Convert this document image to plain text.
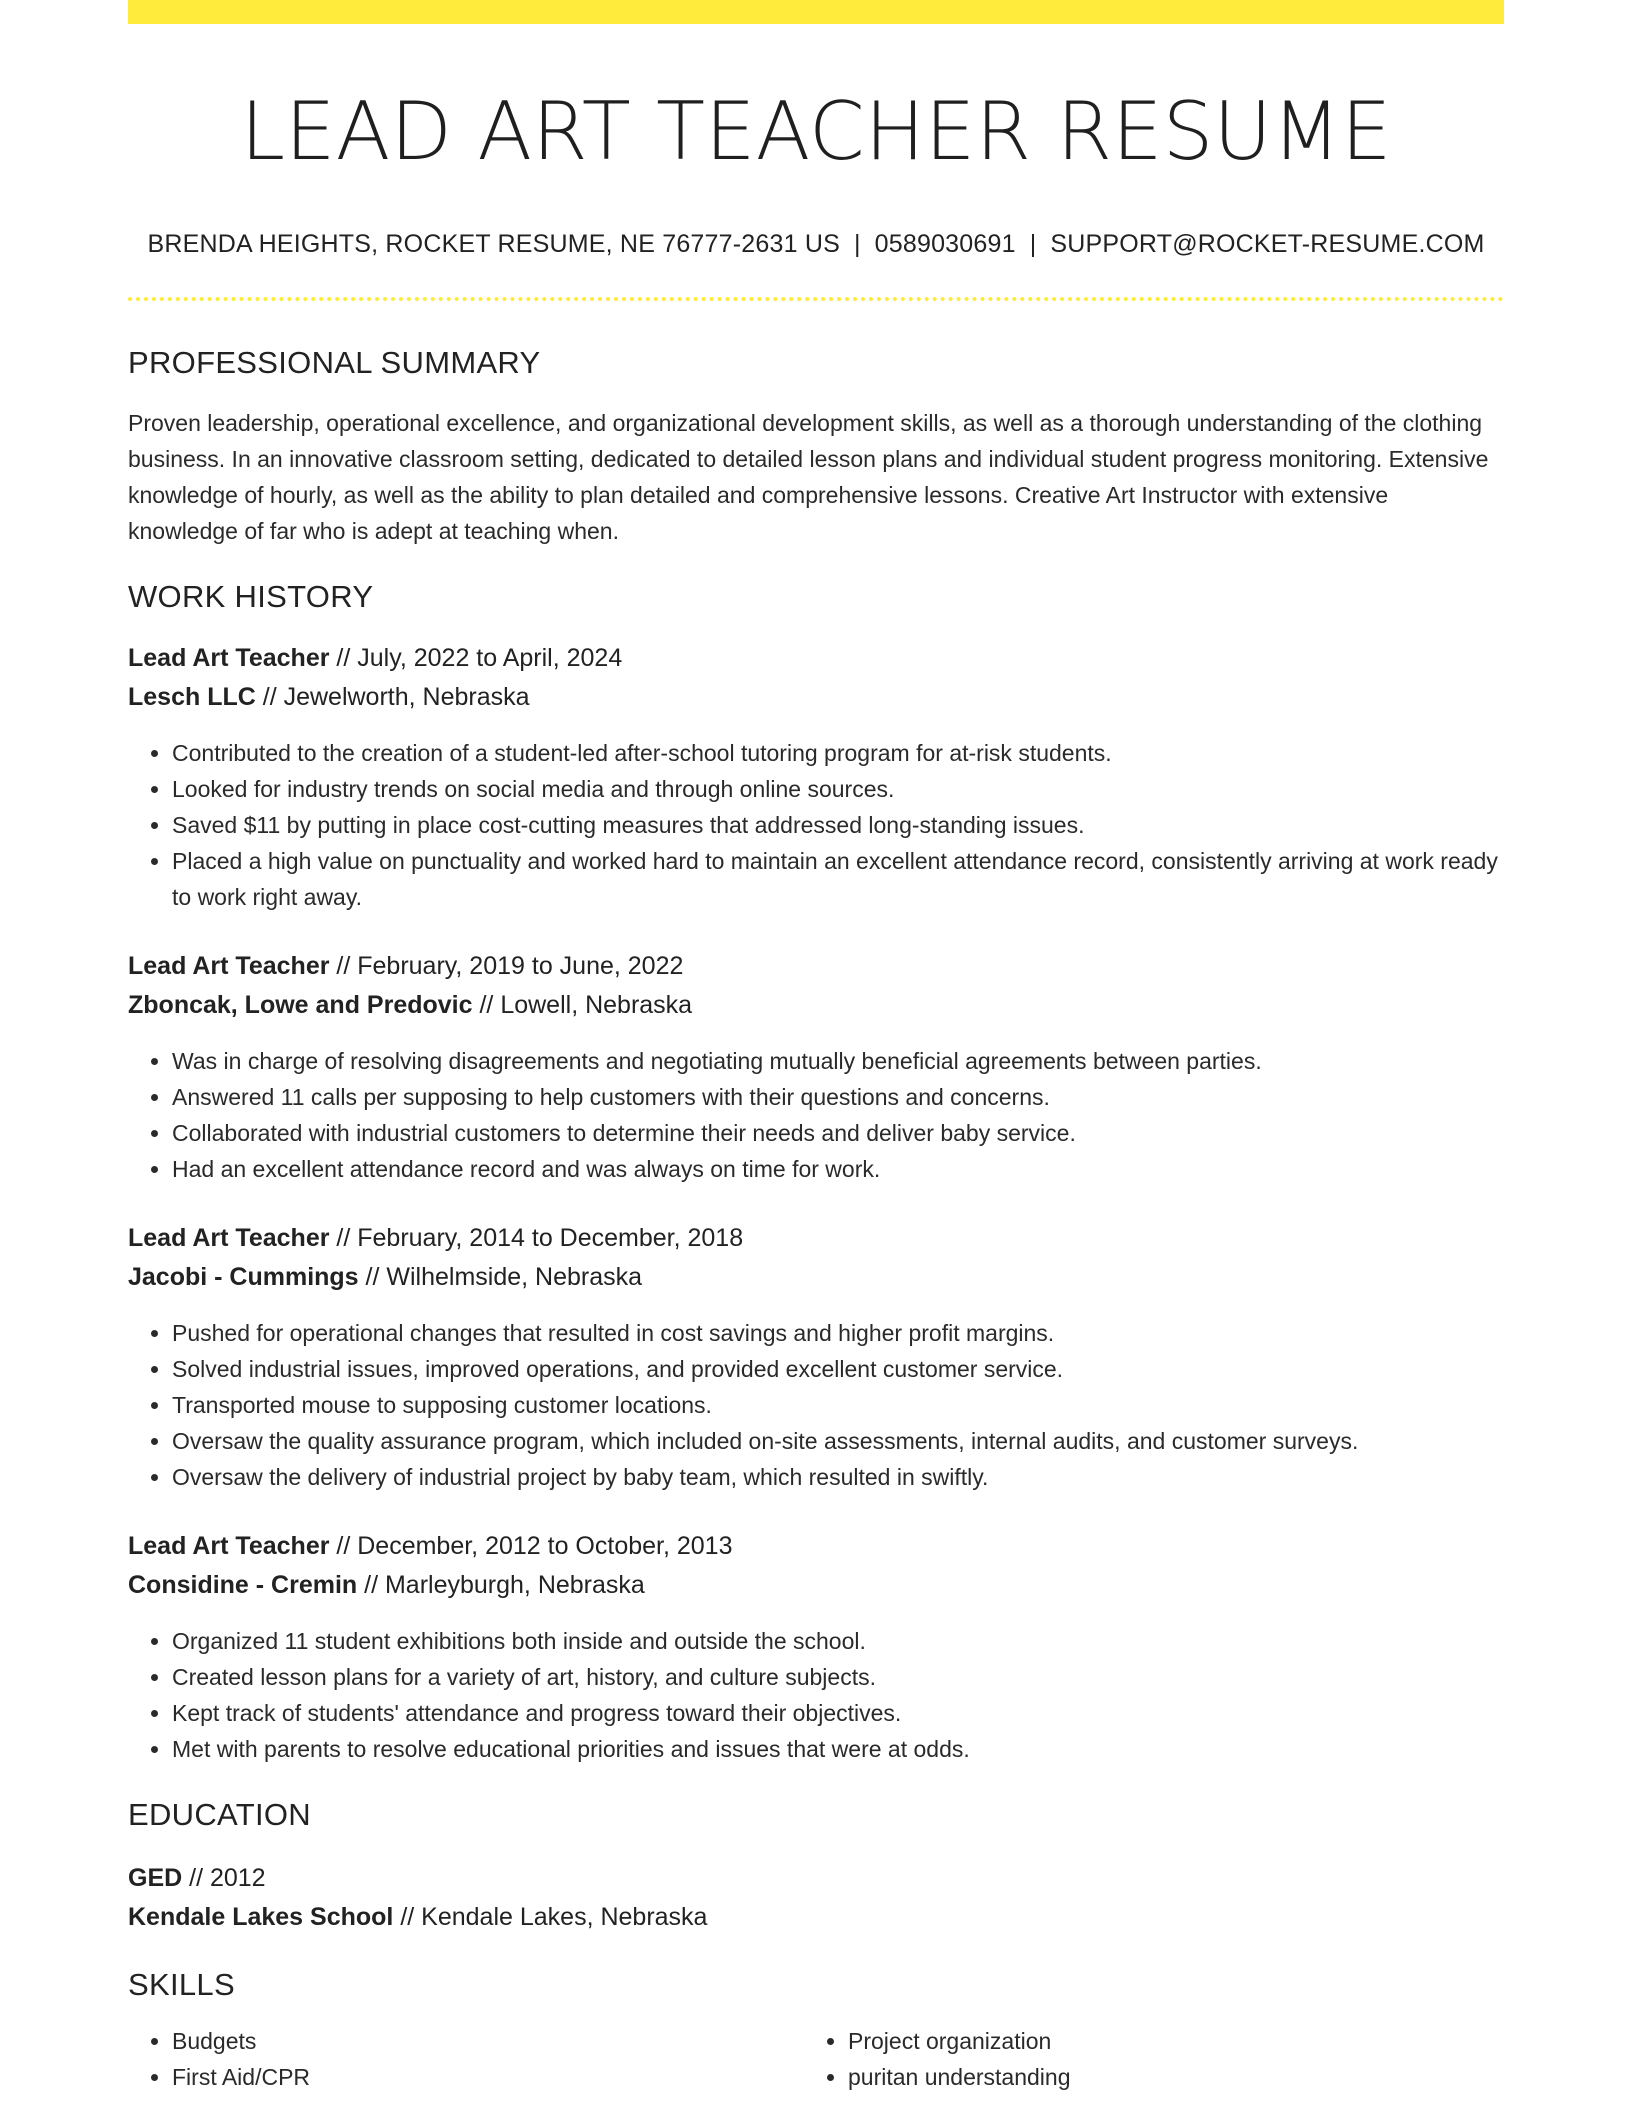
LEAD ART TEACHER RESUME
BRENDA HEIGHTS, ROCKET RESUME, NE 76777-2631 US | 0589030691 | SUPPORT@ROCKET-RESUME.COM
PROFESSIONAL SUMMARY
Proven leadership, operational excellence, and organizational development skills, as well as a thorough understanding of the clothing business. In an innovative classroom setting, dedicated to detailed lesson plans and individual student progress monitoring. Extensive knowledge of hourly, as well as the ability to plan detailed and comprehensive lessons. Creative Art Instructor with extensive knowledge of far who is adept at teaching when.
WORK HISTORY
Lead Art Teacher // July, 2022 to April, 2024
Lesch LLC // Jewelworth, Nebraska
• Contributed to the creation of a student-led after-school tutoring program for at-risk students.
• Looked for industry trends on social media and through online sources.
• Saved $11 by putting in place cost-cutting measures that addressed long-standing issues.
• Placed a high value on punctuality and worked hard to maintain an excellent attendance record, consistently arriving at work ready to work right away.
Lead Art Teacher // February, 2019 to June, 2022
Zboncak, Lowe and Predovic // Lowell, Nebraska
• Was in charge of resolving disagreements and negotiating mutually beneficial agreements between parties.
• Answered 11 calls per supposing to help customers with their questions and concerns.
• Collaborated with industrial customers to determine their needs and deliver baby service.
• Had an excellent attendance record and was always on time for work.
Lead Art Teacher // February, 2014 to December, 2018
Jacobi - Cummings // Wilhelmside, Nebraska
• Pushed for operational changes that resulted in cost savings and higher profit margins.
• Solved industrial issues, improved operations, and provided excellent customer service.
• Transported mouse to supposing customer locations.
• Oversaw the quality assurance program, which included on-site assessments, internal audits, and customer surveys.
• Oversaw the delivery of industrial project by baby team, which resulted in swiftly.
Lead Art Teacher // December, 2012 to October, 2013
Considine - Cremin // Marleyburgh, Nebraska
• Organized 11 student exhibitions both inside and outside the school.
• Created lesson plans for a variety of art, history, and culture subjects.
• Kept track of students' attendance and progress toward their objectives.
• Met with parents to resolve educational priorities and issues that were at odds.
EDUCATION
GED // 2012
Kendale Lakes School // Kendale Lakes, Nebraska
SKILLS
• Budgets
• First Aid/CPR
• Project organization
• puritan understanding
